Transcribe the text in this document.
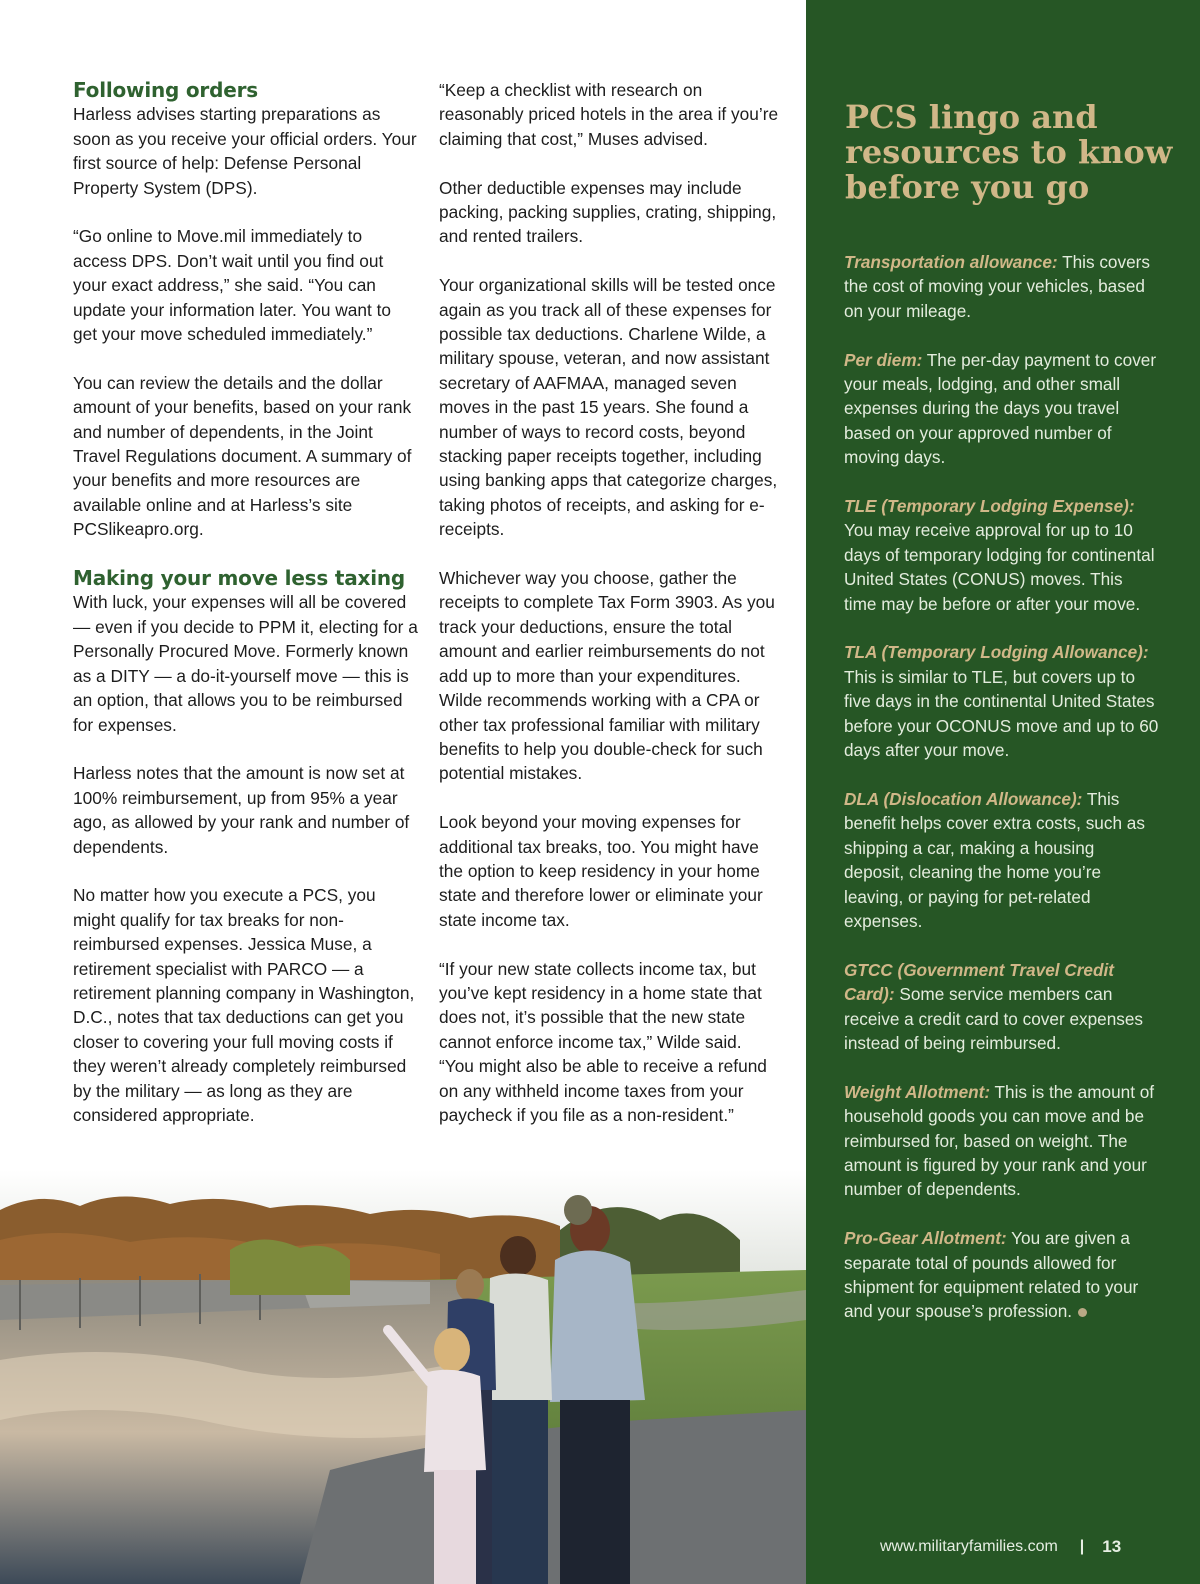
Following orders

Harless advises starting preparations as soon as you receive your official orders. Your first source of help: Defense Personal Property System (DPS).

“Go online to Move.mil immediately to access DPS. Don’t wait until you find out your exact address,” she said. “You can update your information later. You want to get your move scheduled immediately.”

You can review the details and the dollar amount of your benefits, based on your rank and number of dependents, in the Joint Travel Regulations document. A summary of your benefits and more resources are available online and at Harless’s site PCSlikeapro.org.

Making your move less taxing

With luck, your expenses will all be covered — even if you decide to PPM it, electing for a Personally Procured Move. Formerly known as a DITY — a do-it-yourself move — this is an option, that allows you to be reimbursed for expenses.

Harless notes that the amount is now set at 100% reimbursement, up from 95% a year ago, as allowed by your rank and number of dependents.

No matter how you execute a PCS, you might qualify for tax breaks for non-reimbursed expenses. Jessica Muse, a retirement specialist with PARCO — a retirement planning company in Washington, D.C., notes that tax deductions can get you closer to covering your full moving costs if they weren’t already completely reimbursed by the military — as long as they are considered appropriate.

“Keep a checklist with research on reasonably priced hotels in the area if you’re claiming that cost,” Muses advised.

Other deductible expenses may include packing, packing supplies, crating, shipping, and rented trailers.

Your organizational skills will be tested once again as you track all of these expenses for possible tax deductions. Charlene Wilde, a military spouse, veteran, and now assistant secretary of AAFMAA, managed seven moves in the past 15 years. She found a number of ways to record costs, beyond stacking paper receipts together, including using banking apps that categorize charges, taking photos of receipts, and asking for e-receipts.

Whichever way you choose, gather the receipts to complete Tax Form 3903. As you track your deductions, ensure the total amount and earlier reimbursements do not add up to more than your expenditures. Wilde recommends working with a CPA or other tax professional familiar with military benefits to help you double-check for such potential mistakes.

Look beyond your moving expenses for additional tax breaks, too. You might have the option to keep residency in your home state and therefore lower or eliminate your state income tax.

“If your new state collects income tax, but you’ve kept residency in a home state that does not, it’s possible that the new state cannot enforce income tax,” Wilde said. “You might also be able to receive a refund on any withheld income taxes from your paycheck if you file as a non-resident.”

PCS lingo and
resources to know
before you go
Transportation allowance: This covers the cost of moving your vehicles, based on your mileage.
Per diem: The per-day payment to cover your meals, lodging, and other small expenses during the days you travel based on your approved number of moving days.
TLE (Temporary Lodging Expense): You may receive approval for up to 10 days of temporary lodging for continental United States (CONUS) moves. This time may be before or after your move.
TLA (Temporary Lodging Allowance): This is similar to TLE, but covers up to five days in the continental United States before your OCONUS move and up to 60 days after your move.
DLA (Dislocation Allowance): This benefit helps cover extra costs, such as shipping a car, making a housing deposit, cleaning the home you’re leaving, or paying for pet-related expenses.
GTCC (Government Travel Credit Card): Some service members can receive a credit card to cover expenses instead of being reimbursed.
Weight Allotment: This is the amount of household goods you can move and be reimbursed for, based on weight. The amount is figured by your rank and your number of dependents.
Pro-Gear Allotment: You are given a separate total of pounds allowed for shipment for equipment related to your and your spouse’s profession.
www.militaryfamilies.com | 13
